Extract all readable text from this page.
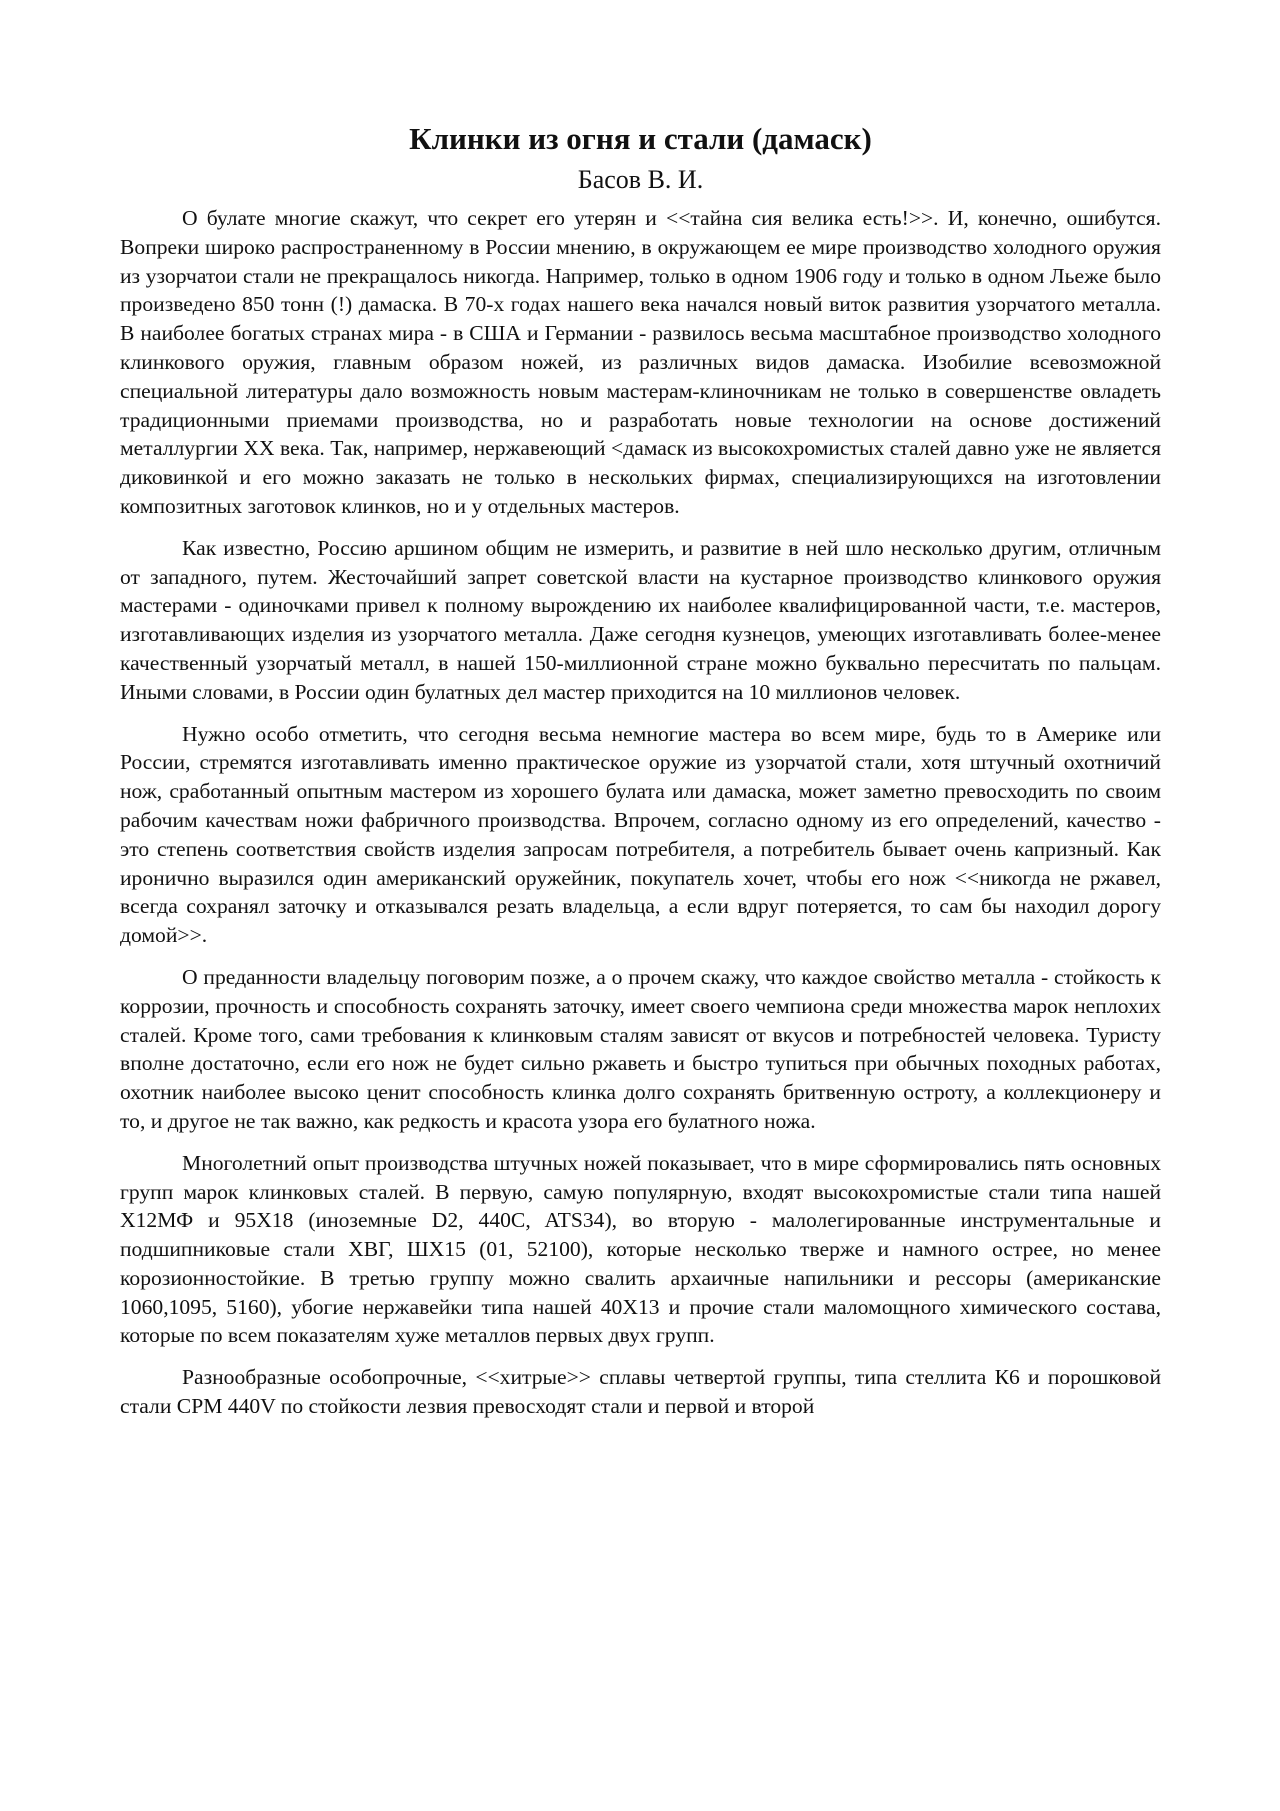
Клинки из огня и стали (дамаск)

Басов В. И.

О булате многие скажут, что секрет его утерян и <<тайна сия велика есть!>>. И, конечно, ошибутся. Вопреки широко распространенному в России мнению, в окружающем ее мире производство холодного оружия из узорчатои стали не прекращалось никогда. Например, только в одном 1906 году и только в одном Льеже было произведено 850 тонн (!) дамаска. В 70-х годах нашего века начался новый виток развития узорчатого металла. В наиболее богатых странах мира - в США и Германии - развилось весьма масштабное производство холодного клинкового оружия, главным образом ножей, из различных видов дамаска. Изобилие всевозможной специальной литературы дало возможность новым мастерам-клиночникам не только в совершенстве овладеть традиционными приемами производства, но и разработать новые технологии на основе достижений металлургии XX века. Так, например, нержавеющий <дамаск из высокохромистых сталей давно уже не является диковинкой и его можно заказать не только в нескольких фирмах, специализирующихся на изготовлении композитных заготовок клинков, но и у отдельных мастеров.

Как известно, Россию аршином общим не измерить, и развитие в ней шло несколько другим, отличным от западного, путем. Жесточайший запрет советской власти на кустарное производство клинкового оружия мастерами - одиночками привел к полному вырождению их наиболее квалифицированной части, т.е. мастеров, изготавливающих изделия из узорчатого металла. Даже сегодня кузнецов, умеющих изготавливать более-менее качественный узорчатый металл, в нашей 150-миллионной стране можно буквально пересчитать по пальцам. Иными словами, в России один булатных дел мастер приходится на 10 миллионов человек.

Нужно особо отметить, что сегодня весьма немногие мастера во всем мире, будь то в Америке или России, стремятся изготавливать именно практическое оружие из узорчатой стали, хотя штучный охотничий нож, сработанный опытным мастером из хорошего булата или дамаска, может заметно превосходить по своим рабочим качествам ножи фабричного производства. Впрочем, согласно одному из его определений, качество - это степень соответствия свойств изделия запросам потребителя, а потребитель бывает очень капризный. Как иронично выразился один американский оружейник, покупатель хочет, чтобы его нож <<никогда не ржавел, всегда сохранял заточку и отказывался резать владельца, а если вдруг потеряется, то сам бы находил дорогу домой>>.

О преданности владельцу поговорим позже, а о прочем скажу, что каждое свойство металла - стойкость к коррозии, прочность и способность сохранять заточку, имеет своего чемпиона среди множества марок неплохих сталей. Кроме того, сами требования к клинковым сталям зависят от вкусов и потребностей человека. Туристу вполне достаточно, если его нож не будет сильно ржаветь и быстро тупиться при обычных походных работах, охотник наиболее высоко ценит способность клинка долго сохранять бритвенную остроту, а коллекционеру и то, и другое не так важно, как редкость и красота узора его булатного ножа.

Многолетний опыт производства штучных ножей показывает, что в мире сформировались пять основных групп марок клинковых сталей. В первую, самую популярную, входят высокохромистые стали типа нашей Х12МФ и 95Х18 (иноземные D2, 440C, ATS34), во вторую - малолегированные инструментальные и подшипниковые стали ХВГ, ШХ15 (01, 52100), которые несколько тверже и намного острее, но менее корозионностойкие. В третью группу можно свалить архаичные напильники и рессоры (американские 1060,1095, 5160), убогие нержавейки типа нашей 40Х13 и прочие стали маломощного химического состава, которые по всем показателям хуже металлов первых двух групп.

Разнообразные особопрочные, <<хитрые>> сплавы четвертой группы, типа стеллита К6 и порошковой стали СРМ 440V по стойкости лезвия превосходят стали и первой и второй
